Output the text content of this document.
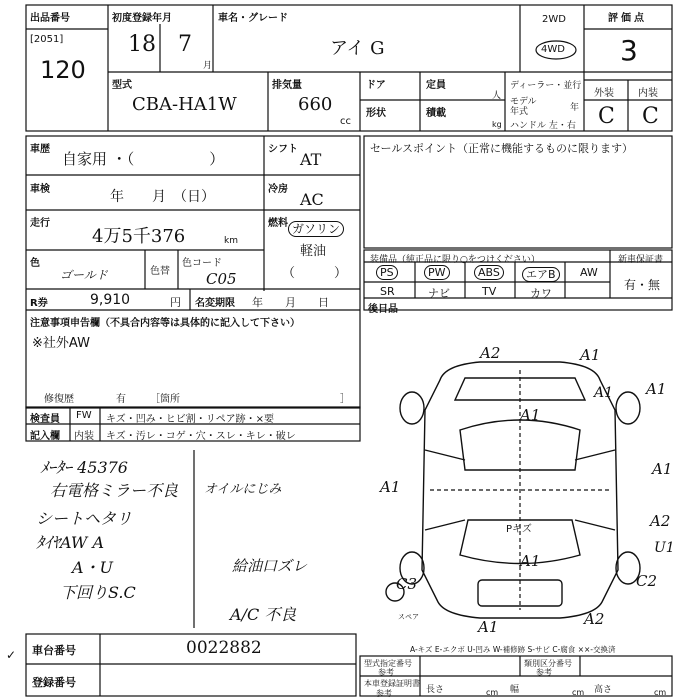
出品番号
[2051]
120
初度登録年月
18 7
月
車名・グレード
アイ G
2WD
4WD
評価点
3
型式
CBA-HA1W
排気量
660
cc
ドア
形状
定員
人
積載
kg
ディーラー・並行
モデル
年式	年
ハンドル 左・右
外装 内装
C C
車歴
自家用 ・（　　　　　）
シフト
AT
車検	年　　月　（日）	冷房
AC
走行
4万5千376	km
燃料 ガソリン
軽油
（　　　）
色
ゴールド	色替
色コード
C05
R券	9,910	円 名変期限 年　　月　　日
注意事項申告欄（不具合内容等は具体的に記入して下さい）
※社外AW
修復歴	有 ［箇所	］
検査員
記入欄
FW キズ・凹み・ヒビ割・リペア跡・×要
内装 キズ・汚レ・コゲ・穴・スレ・キレ・破レ
セールスポイント（正常に機能するものに限ります）
装備品（純正品に限り○をつけください）	新車保証書
PS	PW	ABS	エアB	AW
SR	ナビ	TV	カワ
有・無
後日品
ﾒｰﾀｰ 45376
右電格ミラー不良 オイルにじみ
シートヘタリ
ﾀｲﾔAW A
A・U	給油口ズレ
下回りS.C
A/C 不良
A2	A1
A1
A1
A1
A1
A1
A2
U1
C2
C3
A1	A2
A1
Pキズ
スペア
A-キズ E-エクボ U-凹み W-補修跡 S-サビ C-腐食 ××-交換済
✓ 車台番号	0022882
登録番号
型式指定番号
参考
類別区分番号
参考
本車登録証明書
参考	長さ	cm 幅	cm 高さ	cm
